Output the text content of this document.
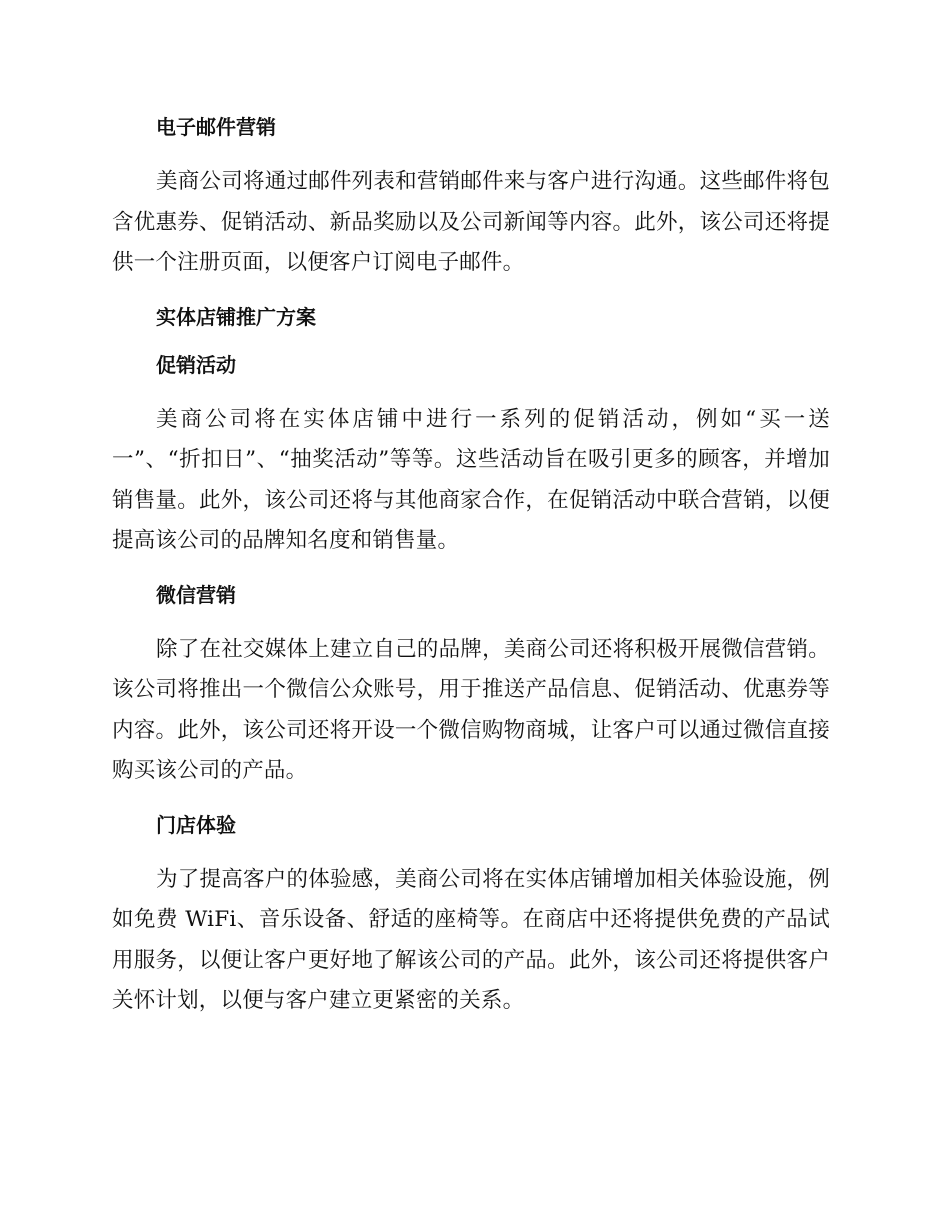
电子邮件营销

美商公司将通过邮件列表和营销邮件来与客户进行沟通。这些邮件将包含优惠券、促销活动、新品奖励以及公司新闻等内容。此外，该公司还将提供一个注册页面，以便客户订阅电子邮件。

实体店铺推广方案
促销活动

美商公司将在实体店铺中进行一系列的促销活动，例如“买一送一”、“折扣日”、“抽奖活动”等等。这些活动旨在吸引更多的顾客，并增加销售量。此外，该公司还将与其他商家合作，在促销活动中联合营销，以便提高该公司的品牌知名度和销售量。

微信营销

除了在社交媒体上建立自己的品牌，美商公司还将积极开展微信营销。该公司将推出一个微信公众账号，用于推送产品信息、促销活动、优惠券等内容。此外，该公司还将开设一个微信购物商城，让客户可以通过微信直接购买该公司的产品。

门店体验

为了提高客户的体验感，美商公司将在实体店铺增加相关体验设施，例如免费 WiFi、音乐设备、舒适的座椅等。在商店中还将提供免费的产品试用服务，以便让客户更好地了解该公司的产品。此外，该公司还将提供客户关怀计划，以便与客户建立更紧密的关系。
